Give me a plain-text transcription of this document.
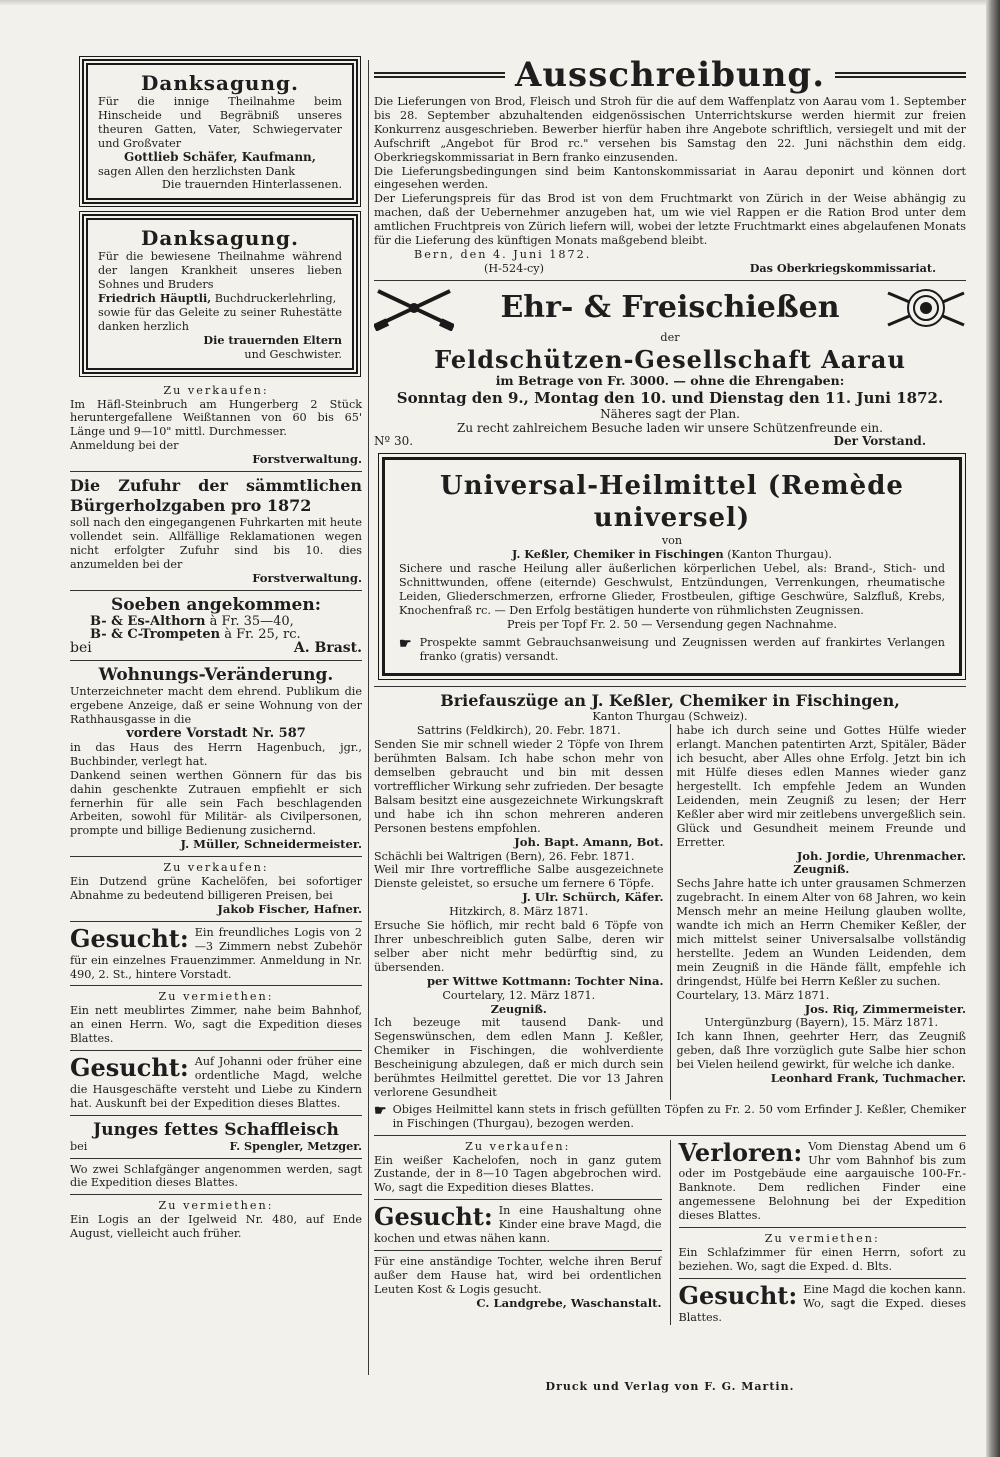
Danksagung.

Für die innige Theilnahme beim Hinscheide und Begräbniß unseres theuren Gatten, Vater, Schwiegervater und Großvater

Gottlieb Schäfer, Kaufmann,

sagen Allen den herzlichsten Dank

Die trauernden Hinterlassenen.

Danksagung.

Für die bewiesene Theilnahme während der langen Krankheit unseres lieben Sohnes und Bruders

Friedrich Häuptli, Buchdruckerlehrling,

sowie für das Geleite zu seiner Ruhestätte danken herzlich

Die trauernden Eltern

und Geschwister.

Zu verkaufen:

Im Häfl-Steinbruch am Hungerberg 2 Stück heruntergefallene Weißtannen von 60 bis 65' Länge und 9—10" mittl. Durchmesser.

Anmeldung bei der

Forstverwaltung.

Die Zufuhr der sämmtlichen Bürgerholzgaben pro 1872

soll nach den eingegangenen Fuhrkarten mit heute vollendet sein. Allfällige Reklamationen wegen nicht erfolgter Zufuhr sind bis 10. dies anzumelden bei der

Forstverwaltung.

Soeben angekommen:

B- & Es-Althorn à Fr. 35—40,

B- & C-Trompeten à Fr. 25, rc.

bei	A. Brast.

Wohnungs-Veränderung.

Unterzeichneter macht dem ehrend. Publikum die ergebene Anzeige, daß er seine Wohnung von der Rathhausgasse in die

vordere Vorstadt Nr. 587

in das Haus des Herrn Hagenbuch, jgr., Buchbinder, verlegt hat.

Dankend seinen werthen Gönnern für das bis dahin geschenkte Zutrauen empfiehlt er sich fernerhin für alle sein Fach beschlagenden Arbeiten, sowohl für Militär- als Civilpersonen, prompte und billige Bedienung zusichernd.

J. Müller, Schneidermeister.

Zu verkaufen:

Ein Dutzend grüne Kachelöfen, bei sofortiger Abnahme zu bedeutend billigeren Preisen, bei

Jakob Fischer, Hafner.

Gesucht: Ein freundliches Logis von 2—3 Zimmern nebst Zubehör für ein einzelnes Frauenzimmer. Anmeldung in Nr. 490, 2. St., hintere Vorstadt.

Zu vermiethen:

Ein nett meublirtes Zimmer, nahe beim Bahnhof, an einen Herrn. Wo, sagt die Expedition dieses Blattes.

Gesucht: Auf Johanni oder früher eine ordentliche Magd, welche die Hausgeschäfte versteht und Liebe zu Kindern hat. Auskunft bei der Expedition dieses Blattes.

Junges fettes Schaffleisch

bei	F. Spengler, Metzger.

Wo zwei Schlafgänger angenommen werden, sagt die Expedition dieses Blattes.

Zu vermiethen:

Ein Logis an der Igelweid Nr. 480, auf Ende August, vielleicht auch früher.

Ausschreibung.

Die Lieferungen von Brod, Fleisch und Stroh für die auf dem Waffenplatz von Aarau vom 1. September bis 28. September abzuhaltenden eidgenössischen Unterrichtskurse werden hiermit zur freien Konkurrenz ausgeschrieben. Bewerber hierfür haben ihre Angebote schriftlich, versiegelt und mit der Aufschrift „Angebot für Brod rc." versehen bis Samstag den 22. Juni nächsthin dem eidg. Oberkriegskommissariat in Bern franko einzusenden.

Die Lieferungsbedingungen sind beim Kantonskommissariat in Aarau deponirt und können dort eingesehen werden.

Der Lieferungspreis für das Brod ist von dem Fruchtmarkt von Zürich in der Weise abhängig zu machen, daß der Uebernehmer anzugeben hat, um wie viel Rappen er die Ration Brod unter dem amtlichen Fruchtpreis von Zürich liefern will, wobei der letzte Fruchtmarkt eines abgelaufenen Monats für die Lieferung des künftigen Monats maßgebend bleibt.

Bern, den 4. Juni 1872.

(H-524-cy)	Das Oberkriegskommissariat.

Ehr- & Freischießen

der

Feldschützen-Gesellschaft Aarau

im Betrage von Fr. 3000. — ohne die Ehrengaben:

Sonntag den 9., Montag den 10. und Dienstag den 11. Juni 1872.

Näheres sagt der Plan.

Zu recht zahlreichem Besuche laden wir unsere Schützenfreunde ein.

Nº 30.	Der Vorstand.

Universal-Heilmittel (Remède universel)

von

J. Keßler, Chemiker in Fischingen (Kanton Thurgau).

Sichere und rasche Heilung aller äußerlichen körperlichen Uebel, als: Brand-, Stich- und Schnittwunden, offene (eiternde) Geschwulst, Entzündungen, Verrenkungen, rheumatische Leiden, Gliederschmerzen, erfrorne Glieder, Frostbeulen, giftige Geschwüre, Salzfluß, Krebs, Knochenfraß rc. — Den Erfolg bestätigen hunderte von rühmlichsten Zeugnissen.

Preis per Topf Fr. 2. 50 — Versendung gegen Nachnahme.

☛ Prospekte sammt Gebrauchsanweisung und Zeugnissen werden auf frankirtes Verlangen franko (gratis) versandt.

Briefauszüge an J. Keßler, Chemiker in Fischingen,

Kanton Thurgau (Schweiz).

Sattrins (Feldkirch), 20. Febr. 1871.

Senden Sie mir schnell wieder 2 Töpfe von Ihrem berühmten Balsam. Ich habe schon mehr von demselben gebraucht und bin mit dessen vortrefflicher Wirkung sehr zufrieden. Der besagte Balsam besitzt eine ausgezeichnete Wirkungskraft und habe ich ihn schon mehreren anderen Personen bestens empfohlen.

Joh. Bapt. Amann, Bot.

Schächli bei Waltrigen (Bern), 26. Febr. 1871.

Weil mir Ihre vortreffliche Salbe ausgezeichnete Dienste geleistet, so ersuche um fernere 6 Töpfe.

J. Ulr. Schürch, Käfer.

Hitzkirch, 8. März 1871.

Ersuche Sie höflich, mir recht bald 6 Töpfe von Ihrer unbeschreiblich guten Salbe, deren wir selber aber nicht mehr bedürftig sind, zu übersenden.

per Wittwe Kottmann: Tochter Nina.

Courtelary, 12. März 1871.

Zeugniß.

Ich bezeuge mit tausend Dank- und Segenswünschen, dem edlen Mann J. Keßler, Chemiker in Fischingen, die wohlverdiente Bescheinigung abzulegen, daß er mich durch sein berühmtes Heilmittel gerettet. Die vor 13 Jahren verlorene Gesundheit

habe ich durch seine und Gottes Hülfe wieder erlangt. Manchen patentirten Arzt, Spitäler, Bäder ich besucht, aber Alles ohne Erfolg. Jetzt bin ich mit Hülfe dieses edlen Mannes wieder ganz hergestellt. Ich empfehle Jedem an Wunden Leidenden, mein Zeugniß zu lesen; der Herr Keßler aber wird mir zeitlebens unvergeßlich sein. Glück und Gesundheit meinem Freunde und Erretter.

Joh. Jordie, Uhrenmacher.

Zeugniß.

Sechs Jahre hatte ich unter grausamen Schmerzen zugebracht. In einem Alter von 68 Jahren, wo kein Mensch mehr an meine Heilung glauben wollte, wandte ich mich an Herrn Chemiker Keßler, der mich mittelst seiner Universalsalbe vollständig herstellte. Jedem an Wunden Leidenden, dem mein Zeugniß in die Hände fällt, empfehle ich dringendst, Hülfe bei Herrn Keßler zu suchen.

Courtelary, 13. März 1871.

Jos. Riq, Zimmermeister.

Untergünzburg (Bayern), 15. März 1871.

Ich kann Ihnen, geehrter Herr, das Zeugniß geben, daß Ihre vorzüglich gute Salbe hier schon bei Vielen heilend gewirkt, für welche ich danke.

Leonhard Frank, Tuchmacher.

☛ Obiges Heilmittel kann stets in frisch gefüllten Töpfen zu Fr. 2. 50 vom Erfinder J. Keßler, Chemiker in Fischingen (Thurgau), bezogen werden.

Zu verkaufen:

Ein weißer Kachelofen, noch in ganz gutem Zustande, der in 8—10 Tagen abgebrochen wird. Wo, sagt die Expedition dieses Blattes.

Gesucht: In eine Haushaltung ohne Kinder eine brave Magd, die kochen und etwas nähen kann.

Für eine anständige Tochter, welche ihren Beruf außer dem Hause hat, wird bei ordentlichen Leuten Kost & Logis gesucht.

C. Landgrebe, Waschanstalt.

Verloren: Vom Dienstag Abend um 6 Uhr vom Bahnhof bis zum oder im Postgebäude eine aargauische 100-Fr.-Banknote. Dem redlichen Finder eine angemessene Belohnung bei der Expedition dieses Blattes.

Zu vermiethen:

Ein Schlafzimmer für einen Herrn, sofort zu beziehen. Wo, sagt die Exped. d. Blts.

Gesucht: Eine Magd die kochen kann. Wo, sagt die Exped. dieses Blattes.

Druck und Verlag von F. G. Martin.
